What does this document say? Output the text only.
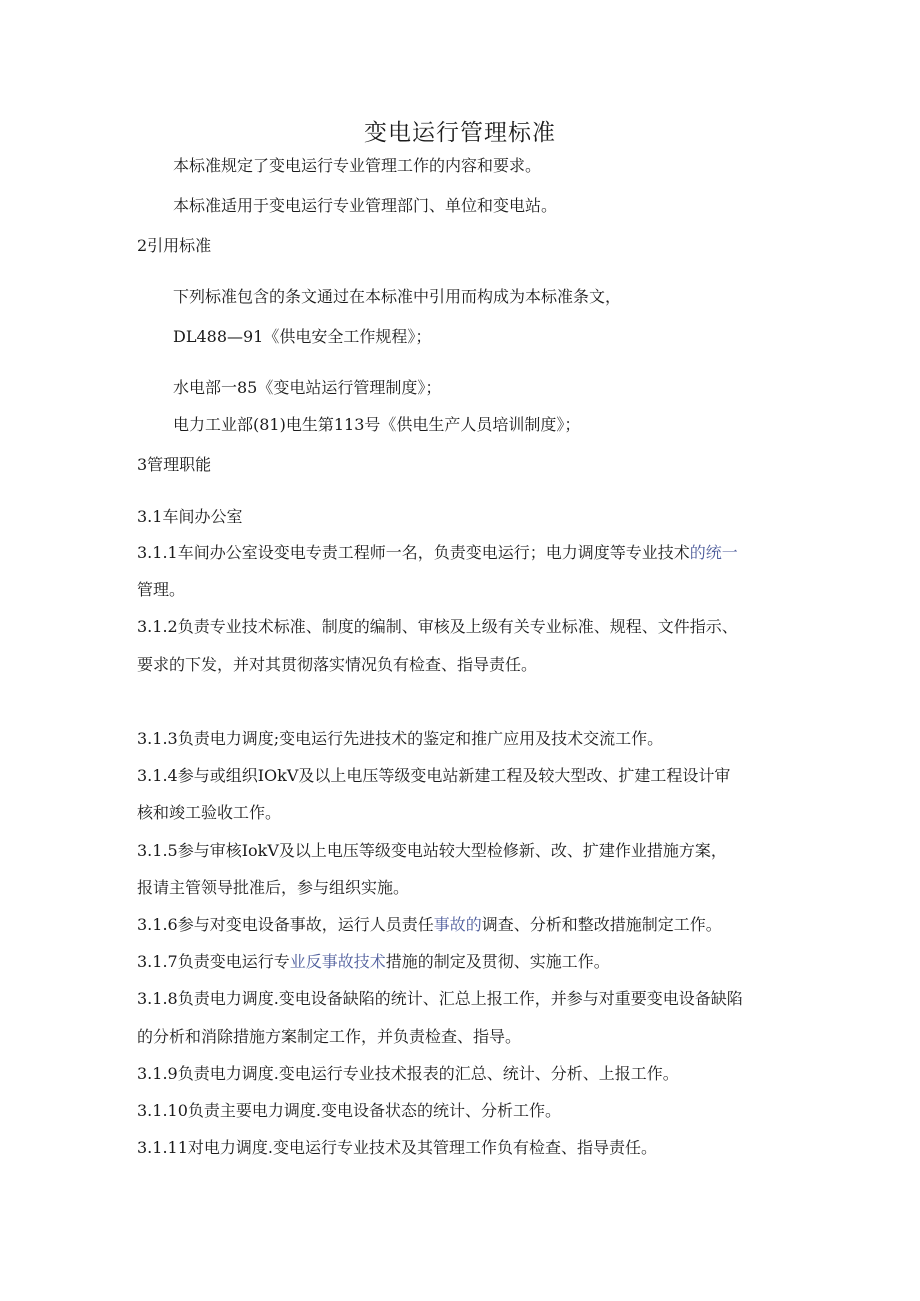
变电运行管理标准
本标准规定了变电运行专业管理工作的内容和要求。
本标准适用于变电运行专业管理部门、单位和变电站。
2引用标准
下列标准包含的条文通过在本标准中引用而构成为本标准条文，
DL488—91《供电安全工作规程》；
水电部一85《变电站运行管理制度》；
电力工业部(81)电生第113号《供电生产人员培训制度》；
3管理职能
3.1车间办公室
3.1.1车间办公室设变电专责工程师一名，负责变电运行；电力调度等专业技术的统一
管理。
3.1.2负责专业技术标准、制度的编制、审核及上级有关专业标准、规程、文件指示、
要求的下发，并对其贯彻落实情况负有检查、指导责任。
3.1.3负责电力调度;变电运行先进技术的鉴定和推广应用及技术交流工作。
3.1.4参与或组织IOkV及以上电压等级变电站新建工程及较大型改、扩建工程设计审
核和竣工验收工作。
3.1.5参与审核IokV及以上电压等级变电站较大型检修新、改、扩建作业措施方案，
报请主管领导批准后，参与组织实施。
3.1.6参与对变电设备事故，运行人员责任事故的调查、分析和整改措施制定工作。
3.1.7负责变电运行专业反事故技术措施的制定及贯彻、实施工作。
3.1.8负责电力调度.变电设备缺陷的统计、汇总上报工作，并参与对重要变电设备缺陷
的分析和消除措施方案制定工作，并负责检查、指导。
3.1.9负责电力调度.变电运行专业技术报表的汇总、统计、分析、上报工作。
3.1.10负责主要电力调度.变电设备状态的统计、分析工作。
3.1.11对电力调度.变电运行专业技术及其管理工作负有检查、指导责任。
